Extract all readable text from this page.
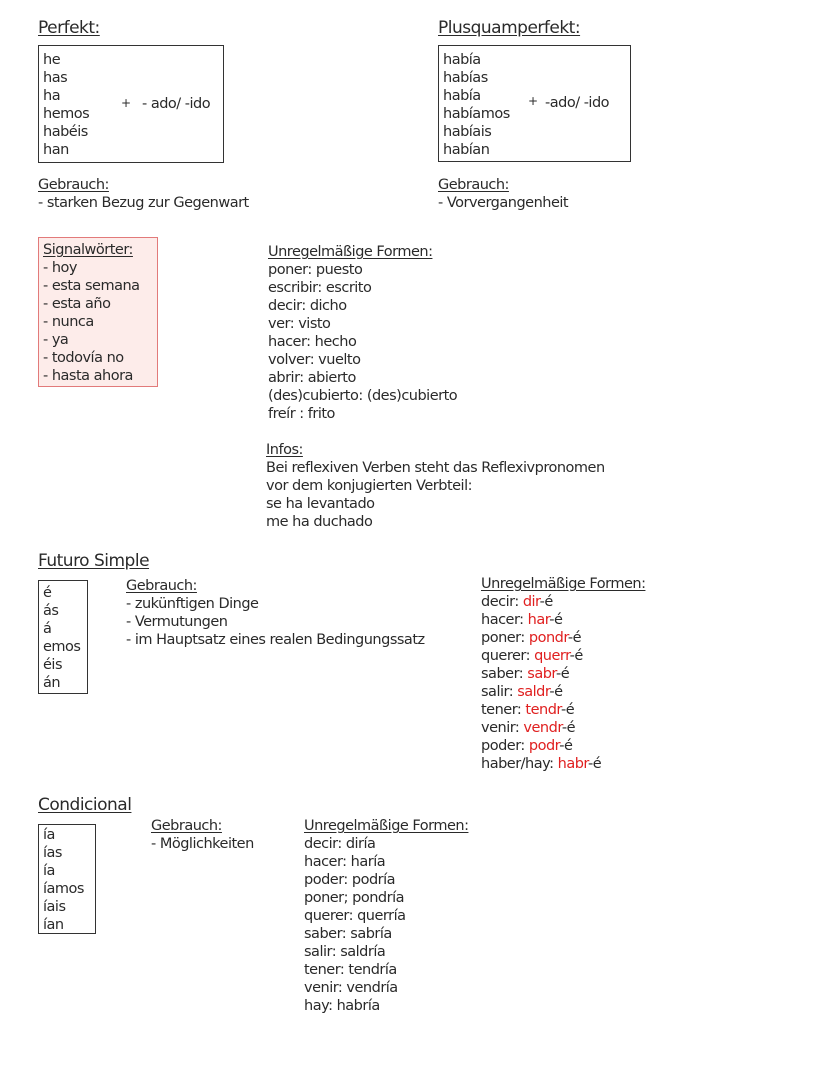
Perfekt:
he
has
ha
hemos
habéis
han
+ - ado/ -ido
Gebrauch:
- starken Bezug zur Gegenwart
Plusquamperfekt:
había
habías
había
habíamos
habíais
habían
+ -ado/ -ido
Gebrauch:
- Vorvergangenheit
Signalwörter:
- hoy
- esta semana
- esta año
- nunca
- ya
- todovía no
- hasta ahora
Unregelmäßige Formen:
poner: puesto
escribir: escrito
decir: dicho
ver: visto
hacer: hecho
volver: vuelto
abrir: abierto
(des)cubierto: (des)cubierto
freír : frito
Infos:
Bei reflexiven Verben steht das Reflexivpronomen
vor dem konjugierten Verbteil:
se ha levantado
me ha duchado
Futuro Simple
é
ás
á
emos
éis
án
Gebrauch:
- zukünftigen Dinge
- Vermutungen
- im Hauptsatz eines realen Bedingungssatz
Unregelmäßige Formen:
decir: dir-é
hacer: har-é
poner: pondr-é
querer: querr-é
saber: sabr-é
salir: saldr-é
tener: tendr-é
venir: vendr-é
poder: podr-é
haber/hay: habr-é
Condicional
ía
ías
ía
íamos
íais
ían
Gebrauch:
- Möglichkeiten
Unregelmäßige Formen:
decir: diría
hacer: haría
poder: podría
poner; pondría
querer: querría
saber: sabría
salir: saldría
tener: tendría
venir: vendría
hay: habría
